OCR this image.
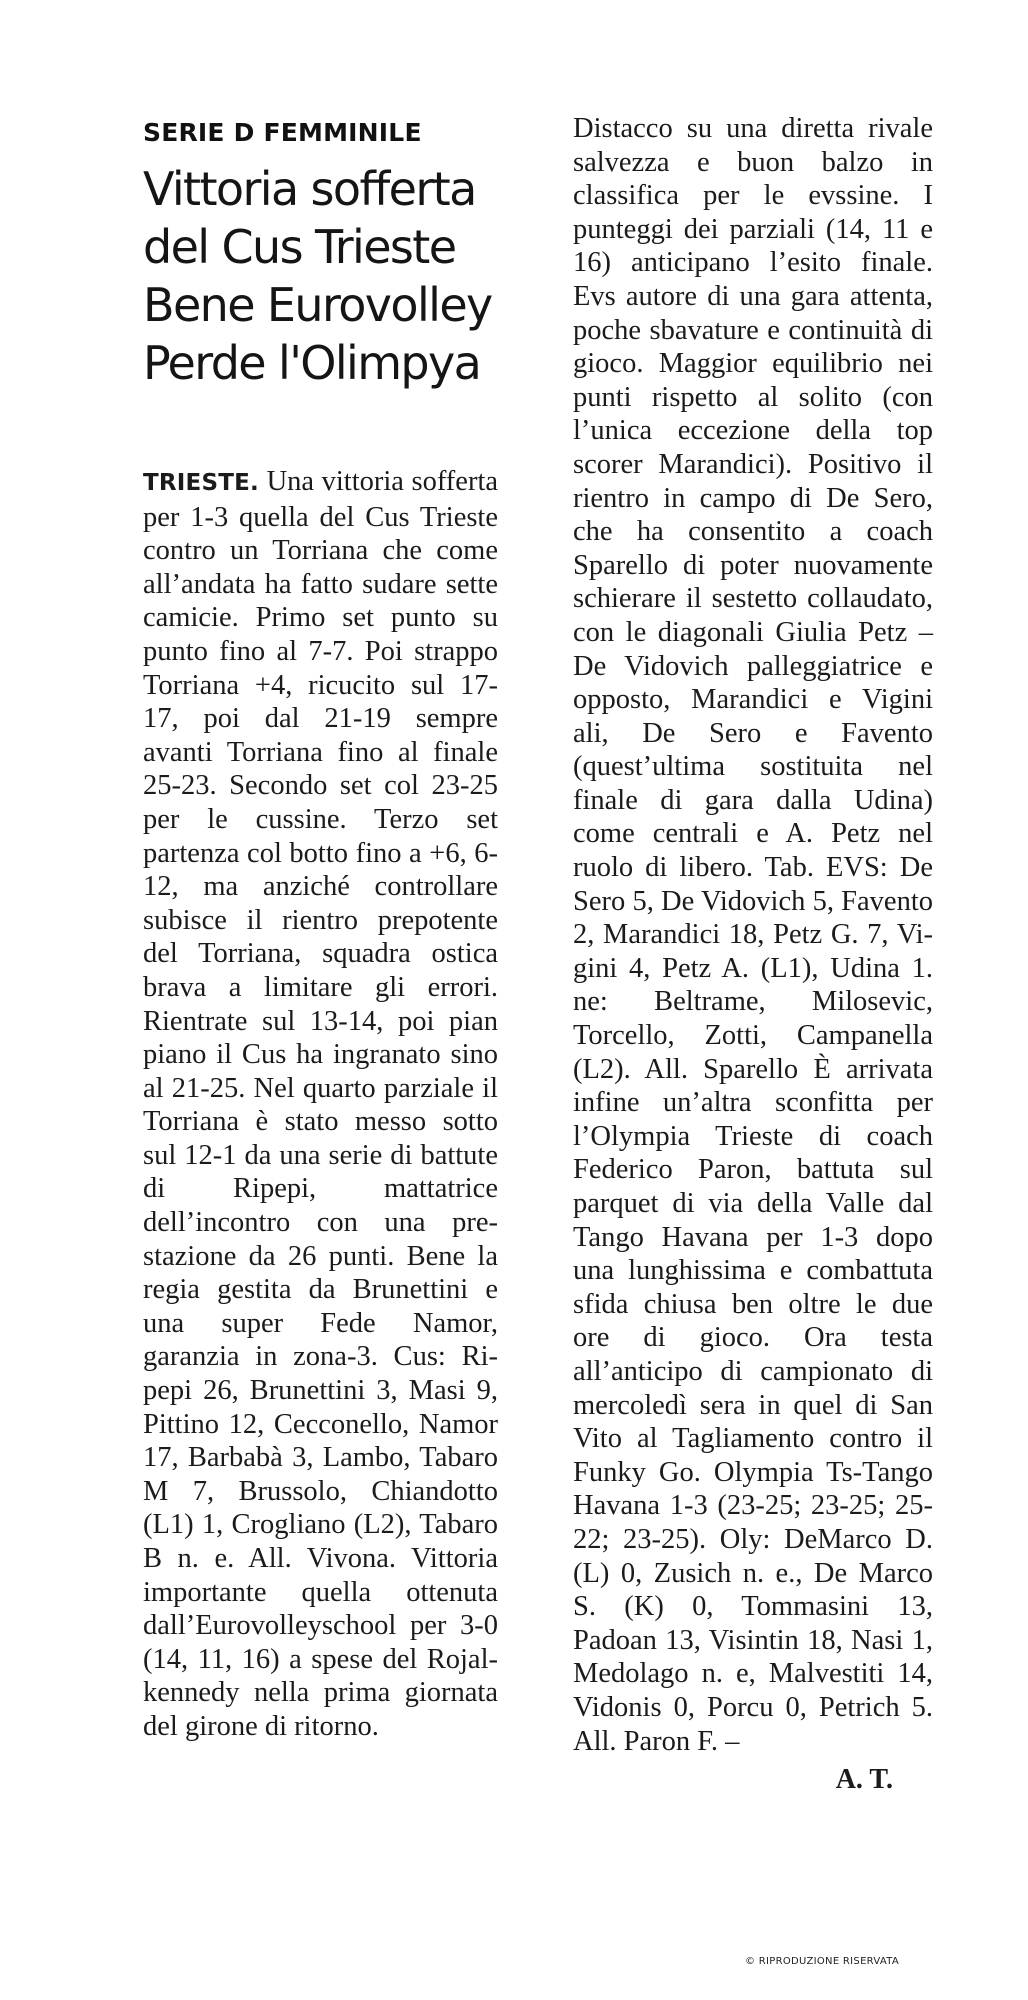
SERIE D FEMMINILE
Vittoria sofferta
del Cus Trieste
Bene Eurovolley
Perde l'Olimpya

TRIESTE. Una vittoria sofferta per 1-3 quella del Cus Trieste contro un Torriana che come all’andata ha fatto sudare sette camicie. Primo set punto su punto fino al 7-7. Poi strappo Torriana +4, ricucito sul 17-17, poi dal 21-19 sempre avanti Torriana fino al finale 25-23. Secondo set col 23-25 per le cussine. Terzo set partenza col botto fino a +6, 6-12, ma anziché controllare subisce il rientro prepotente del Torriana, squadra ostica brava a limitare gli errori. Rientrate sul 13-14, poi pian piano il Cus ha ingranato sino al 21-25. Nel quarto parziale il Torriana è stato messo sotto sul 12-1 da una serie di battute di Ripepi, mattatrice dell’incontro con una prestazione da 26 punti. Bene la regia gestita da Brunettini e una super Fede Namor, garanzia in zona-3. Cus: Ripepi 26, Brunettini 3, Masi 9, Pittino 12, Cecconello, Namor 17, Barbabà 3, Lambo, Tabaro M 7, Brussolo, Chiandotto (L1) 1, Crogliano (L2), Tabaro B n. e. All. Vivona. Vittoria importante quella ottenuta dall’Eurovolleyschool per 3-0 (14, 11, 16) a spese del Rojalkennedy nella prima giornata del girone di ritorno.

Distacco su una diretta rivale salvezza e buon balzo in classifica per le evssine. I punteggi dei parziali (14, 11 e 16) anticipano l’esito finale. Evs autore di una gara attenta, poche sbavature e continuità di gioco. Maggior equilibrio nei punti rispetto al solito (con l’unica eccezione della top scorer Marandici). Positivo il rientro in campo di De Sero, che ha consentito a coach Sparello di poter nuovamente schierare il sestetto collaudato, con le diagonali Giulia Petz – De Vidovich palleggiatrice e opposto, Marandici e Vigini ali, De Sero e Favento (quest’ultima sostituita nel finale di gara dalla Udina) come centrali e A. Petz nel ruolo di libero. Tab. EVS: De Sero 5, De Vidovich 5, Favento 2, Marandici 18, Petz G. 7, Vigini 4, Petz A. (L1), Udina 1. ne: Beltrame, Milosevic, Torcello, Zotti, Campanella (L2). All. Sparello È arrivata infine un’altra sconfitta per l’Olympia Trieste di coach Federico Paron, battuta sul parquet di via della Valle dal Tango Havana per 1-3 dopo una lunghissima e combattuta sfida chiusa ben oltre le due ore di gioco. Ora testa all’anticipo di campionato di mercoledì sera in quel di San Vito al Tagliamento contro il Funky Go. Olympia Ts-Tango Havana 1-3 (23-25; 23-25; 25-22; 23-25). Oly: DeMarco D. (L) 0, Zusich n. e., De Marco S. (K) 0, Tommasini 13, Padoan 13, Visintin 18, Nasi 1, Medolago n. e, Malvestiti 14, Vidonis 0, Porcu 0, Petrich 5. All. Paron F. –

A. T.
© RIPRODUZIONE RISERVATA
